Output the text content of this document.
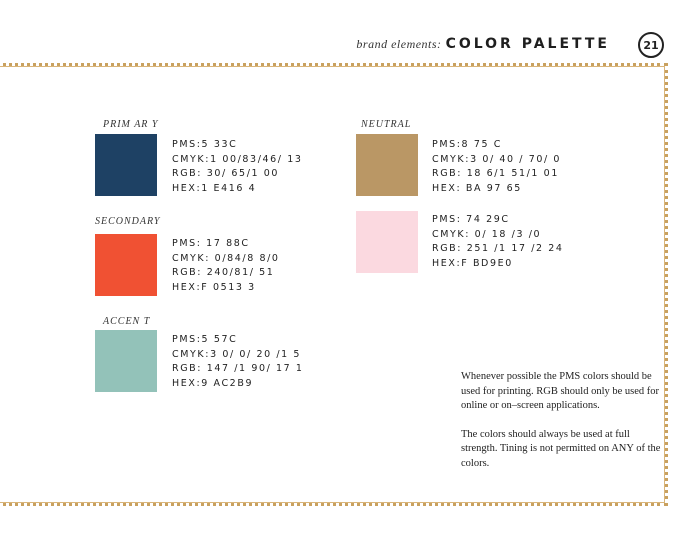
brand elements: COLOR PALETTE	21
PRIM AR Y
PMS:5 33C
CMYK:1 00/83/46/ 13
RGB: 30/ 65/1 00
HEX:1 E416 4
SECONDARY
PMS: 17 88C
CMYK: 0/84/8 8/0
RGB: 240/81/ 51
HEX:F 0513 3
ACCEN T
PMS:5 57C
CMYK:3 0/ 0/ 20 /1 5
RGB: 147 /1 90/ 17 1
HEX:9 AC2B9
NEUTRAL
PMS:8 75 C
CMYK:3 0/ 40 / 70/ 0
RGB: 18 6/1 51/1 01
HEX: BA 97 65
PMS: 74 29C
CMYK: 0/ 18 /3 /0
RGB: 251 /1 17 /2 24
HEX:F BD9E0

Whenever possible the PMS colors should be used for printing. RGB should only be used for online or on–screen applications.

The colors should always be used at full strength. Tining is not permitted on ANY of the colors.
